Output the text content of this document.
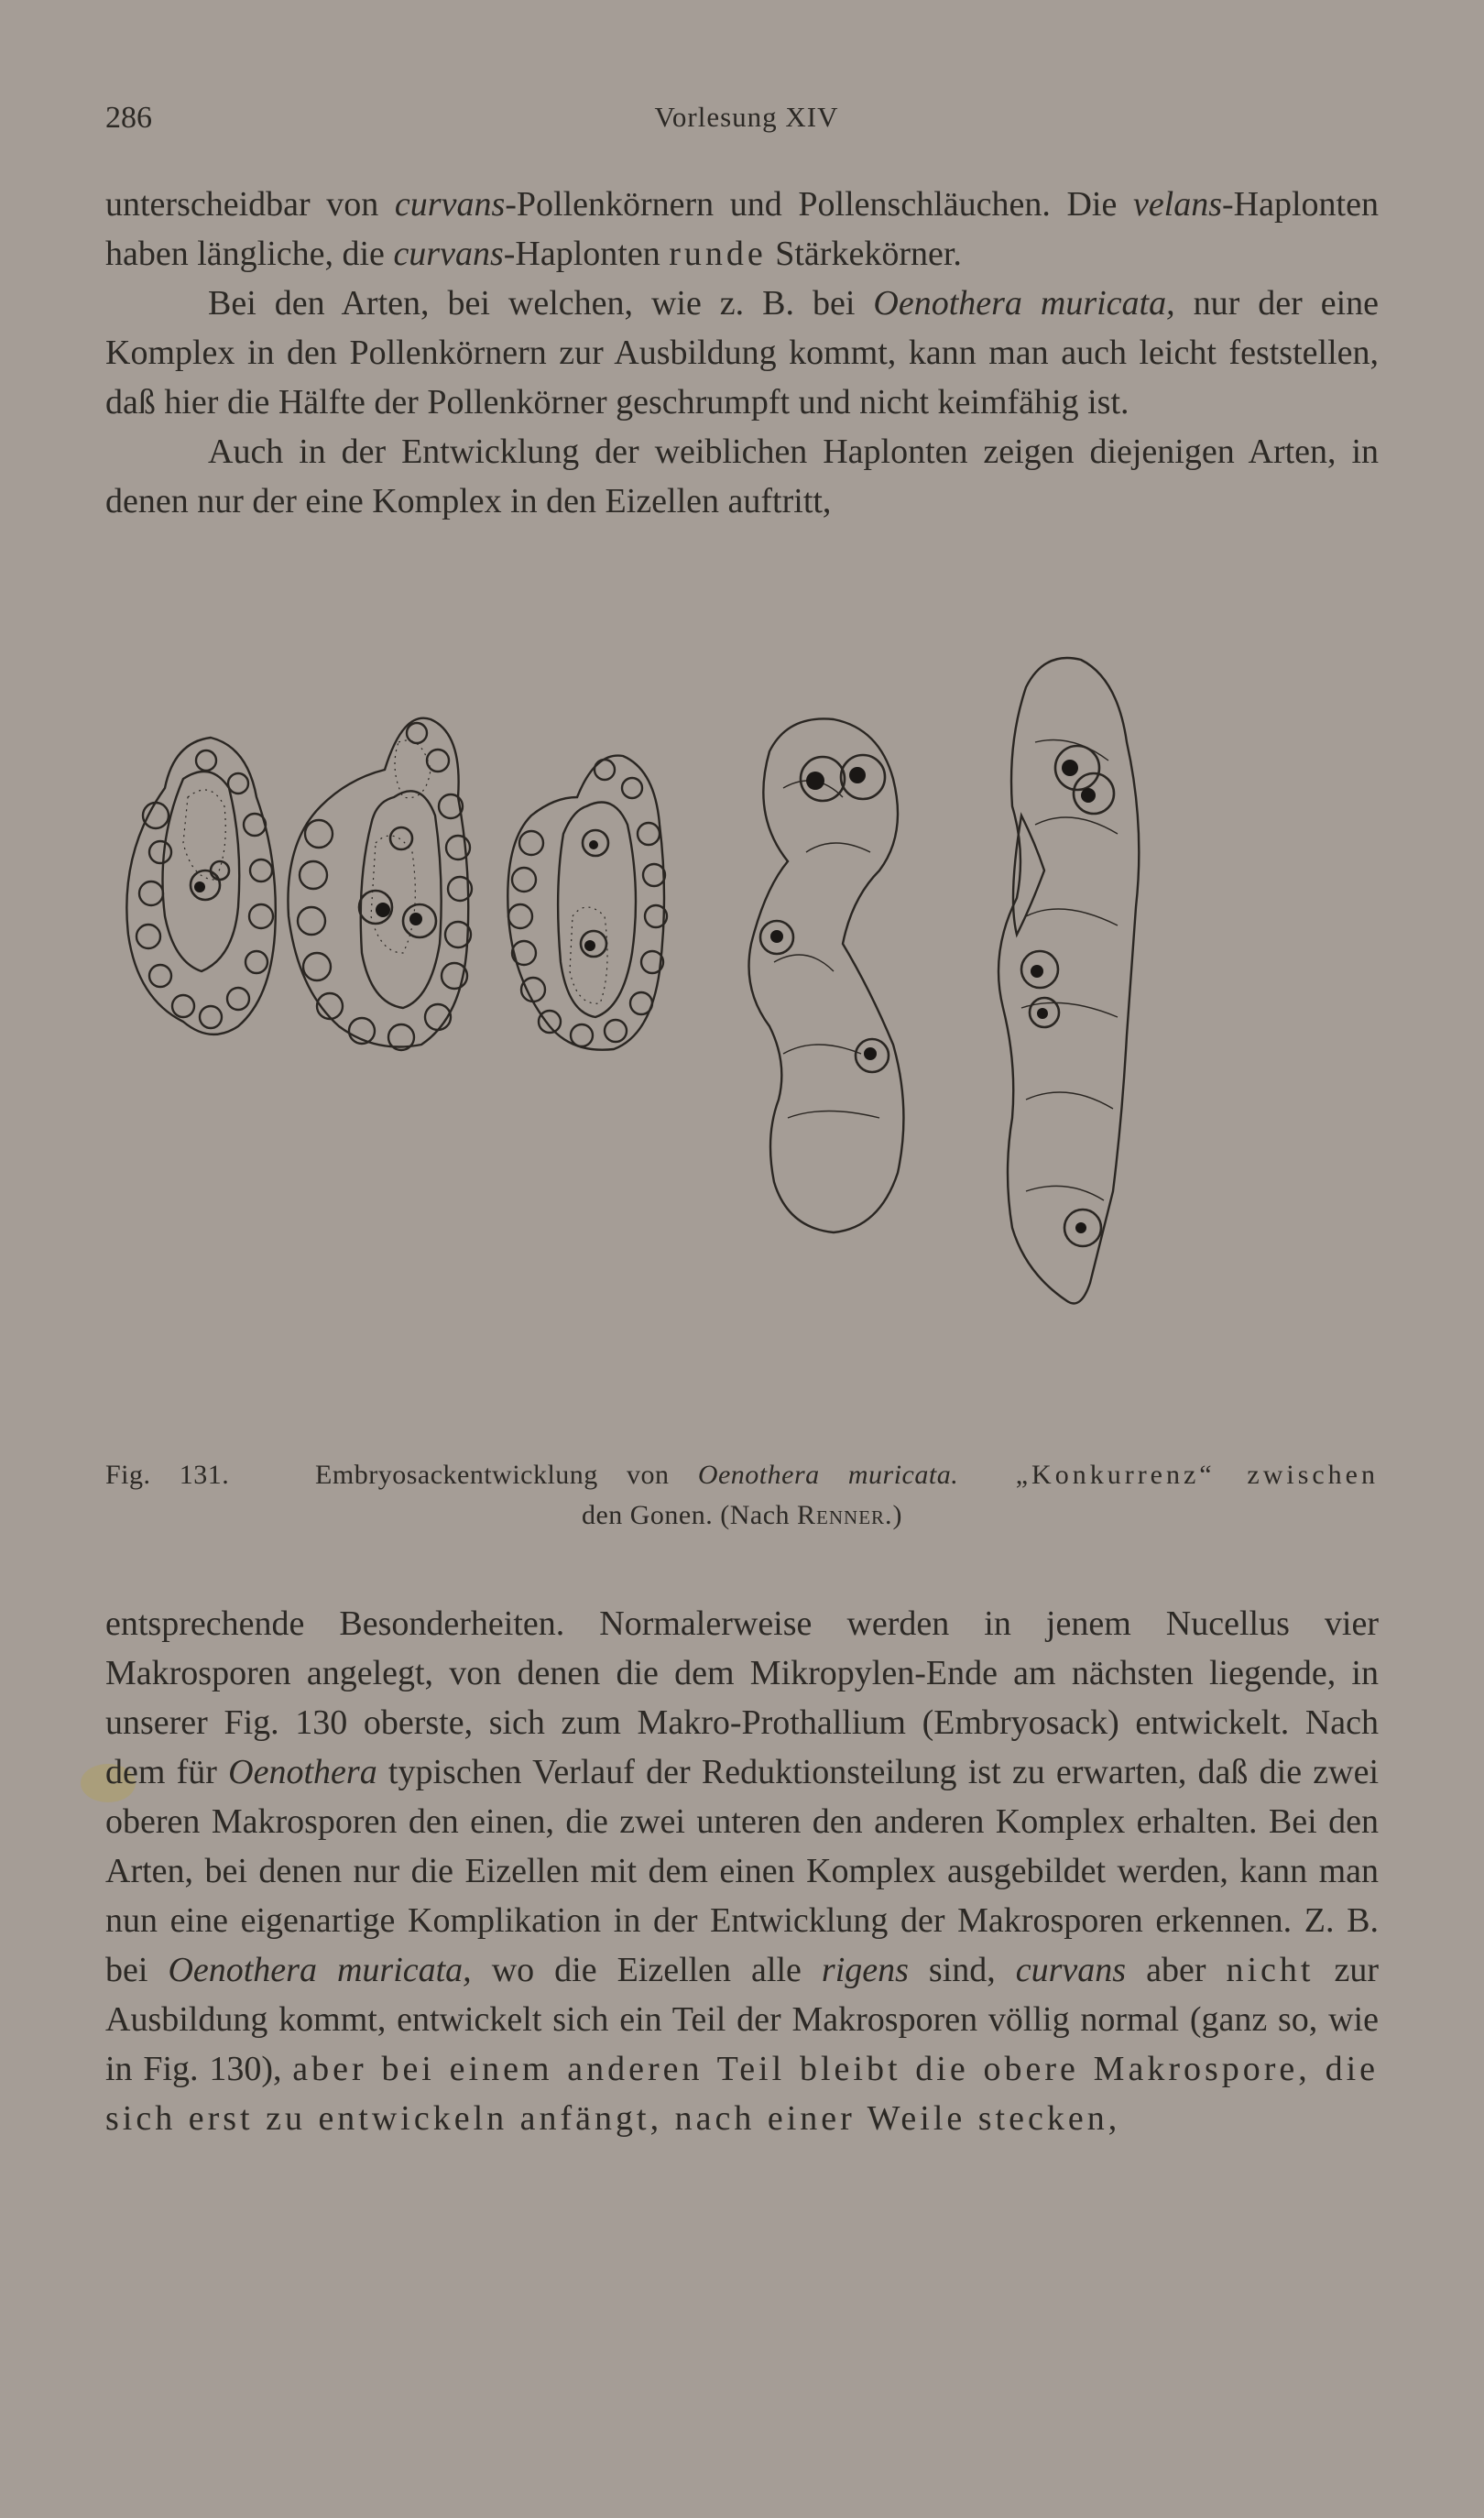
286	Vorlesung XIV

unterscheidbar von curvans-Pollenkörnern und Pollenschläuchen. Die velans-Haplonten haben längliche, die curvans-Haplonten runde Stärkekörner.

Bei den Arten, bei welchen, wie z. B. bei Oenothera muricata, nur der eine Komplex in den Pollenkörnern zur Ausbildung kommt, kann man auch leicht feststellen, daß hier die Hälfte der Pollenkörner geschrumpft und nicht keimfähig ist.

Auch in der Entwicklung der weiblichen Haplonten zeigen diejenigen Arten, in denen nur der eine Komplex in den Eizellen auftritt,

Fig. 131.	Embryosackentwicklung von Oenothera muricata. „Konkurrenz“ zwischen
den Gonen. (Nach Renner.)

entsprechende Besonderheiten. Normalerweise werden in jenem Nucellus vier Makrosporen angelegt, von denen die dem Mikropylen-Ende am nächsten liegende, in unserer Fig. 130 oberste, sich zum Makro-Prothallium (Embryosack) entwickelt. Nach dem für Oenothera typischen Verlauf der Reduktionsteilung ist zu erwarten, daß die zwei oberen Makrosporen den einen, die zwei unteren den anderen Komplex erhalten. Bei den Arten, bei denen nur die Eizellen mit dem einen Komplex ausgebildet werden, kann man nun eine eigenartige Komplikation in der Entwicklung der Makrosporen erkennen. Z. B. bei Oenothera muricata, wo die Eizellen alle rigens sind, curvans aber nicht zur Ausbildung kommt, entwickelt sich ein Teil der Makrosporen völlig normal (ganz so, wie in Fig. 130), aber bei einem anderen Teil bleibt die obere Makrospore, die sich erst zu entwickeln anfängt, nach einer Weile stecken,
